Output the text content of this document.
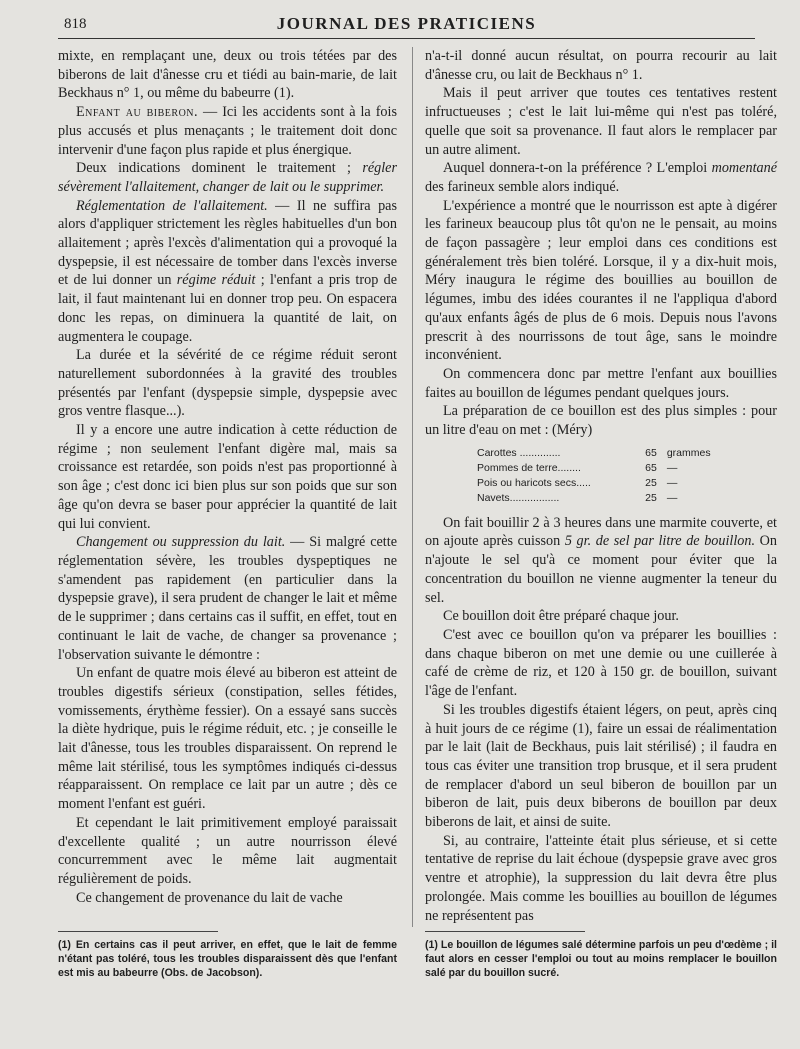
818	JOURNAL DES PRATICIENS

mixte, en remplaçant une, deux ou trois tétées par des biberons de lait d'ânesse cru et tiédi au bain-marie, de lait Beckhaus n° 1, ou même du babeurre (1).

Enfant au biberon. — Ici les accidents sont à la fois plus accusés et plus menaçants ; le traitement doit donc intervenir d'une façon plus rapide et plus énergique.

Deux indications dominent le traitement ; régler sévèrement l'allaitement, changer de lait ou le supprimer.

Réglementation de l'allaitement. — Il ne suffira pas alors d'appliquer strictement les règles habituelles d'un bon allaitement ; après l'excès d'alimentation qui a provoqué la dyspepsie, il est nécessaire de tomber dans l'excès inverse et de lui donner un régime réduit ; l'enfant a pris trop de lait, il faut maintenant lui en donner trop peu. On espacera donc les repas, on diminuera la quantité de lait, on augmentera le coupage.

La durée et la sévérité de ce régime réduit seront naturellement subordonnées à la gravité des troubles présentés par l'enfant (dyspepsie simple, dyspepsie avec gros ventre flasque...).

Il y a encore une autre indication à cette réduction de régime ; non seulement l'enfant digère mal, mais sa croissance est retardée, son poids n'est pas proportionné à son âge ; c'est donc ici bien plus sur son poids que sur son âge qu'on devra se baser pour apprécier la quantité de lait qui lui convient.

Changement ou suppression du lait. — Si malgré cette réglementation sévère, les troubles dyspeptiques ne s'amendent pas rapidement (en particulier dans la dyspepsie grave), il sera prudent de changer le lait et même de le supprimer ; dans certains cas il suffit, en effet, tout en continuant le lait de vache, de changer sa provenance ; l'observation suivante le démontre :

Un enfant de quatre mois élevé au biberon est atteint de troubles digestifs sérieux (constipation, selles fétides, vomissements, érythème fessier). On a essayé sans succès la diète hydrique, puis le régime réduit, etc. ; je conseille le lait d'ânesse, tous les troubles disparaissent. On reprend le même lait stérilisé, tous les symptômes indiqués ci-dessus réapparaissent. On remplace ce lait par un autre ; dès ce moment l'enfant est guéri.

Et cependant le lait primitivement employé paraissait d'excellente qualité ; un autre nourrisson élevé concurremment avec le même lait augmentait régulièrement de poids.

Ce changement de provenance du lait de vache

n'a-t-il donné aucun résultat, on pourra recourir au lait d'ânesse cru, ou lait de Beckhaus n° 1.

Mais il peut arriver que toutes ces tentatives restent infructueuses ; c'est le lait lui-même qui n'est pas toléré, quelle que soit sa provenance. Il faut alors le remplacer par un autre aliment.

Auquel donnera-t-on la préférence ? L'emploi momentané des farineux semble alors indiqué.

L'expérience a montré que le nourrisson est apte à digérer les farineux beaucoup plus tôt qu'on ne le pensait, au moins de façon passagère ; leur emploi dans ces conditions est généralement très bien toléré. Lorsque, il y a dix-huit mois, Méry inaugura le régime des bouillies au bouillon de légumes, imbu des idées courantes il ne l'appliqua d'abord qu'aux enfants âgés de plus de 6 mois. Depuis nous l'avons prescrit à des nourrissons de tout âge, sans le moindre inconvénient.

On commencera donc par mettre l'enfant aux bouillies faites au bouillon de légumes pendant quelques jours.

La préparation de ce bouillon est des plus simples : pour un litre d'eau on met : (Méry)

Carottes ..............	65	grammes
Pommes de terre........	65	—
Pois ou haricots secs.....	25	—
Navets.................	25	—

On fait bouillir 2 à 3 heures dans une marmite couverte, et on ajoute après cuisson 5 gr. de sel par litre de bouillon. On n'ajoute le sel qu'à ce moment pour éviter que la concentration du bouillon ne vienne augmenter la teneur du sel.

Ce bouillon doit être préparé chaque jour.

C'est avec ce bouillon qu'on va préparer les bouillies : dans chaque biberon on met une demie ou une cuillerée à café de crème de riz, et 120 à 150 gr. de bouillon, suivant l'âge de l'enfant.

Si les troubles digestifs étaient légers, on peut, après cinq à huit jours de ce régime (1), faire un essai de réalimentation par le lait (lait de Beckhaus, puis lait stérilisé) ; il faudra en tous cas éviter une transition trop brusque, et il sera prudent de remplacer d'abord un seul biberon de bouillon par un biberon de lait, puis deux biberons de bouillon par deux biberons de lait, et ainsi de suite.

Si, au contraire, l'atteinte était plus sérieuse, et si cette tentative de reprise du lait échoue (dyspepsie grave avec gros ventre et atrophie), la suppression du lait devra être plus prolongée. Mais comme les bouillies au bouillon de légumes ne représentent pas

(1) En certains cas il peut arriver, en effet, que le lait de femme n'étant pas toléré, tous les troubles disparaissent dès que l'enfant est mis au babeurre (Obs. de Jacobson).
(1) Le bouillon de légumes salé détermine parfois un peu d'œdème ; il faut alors en cesser l'emploi ou tout au moins remplacer le bouillon salé par du bouillon sucré.
